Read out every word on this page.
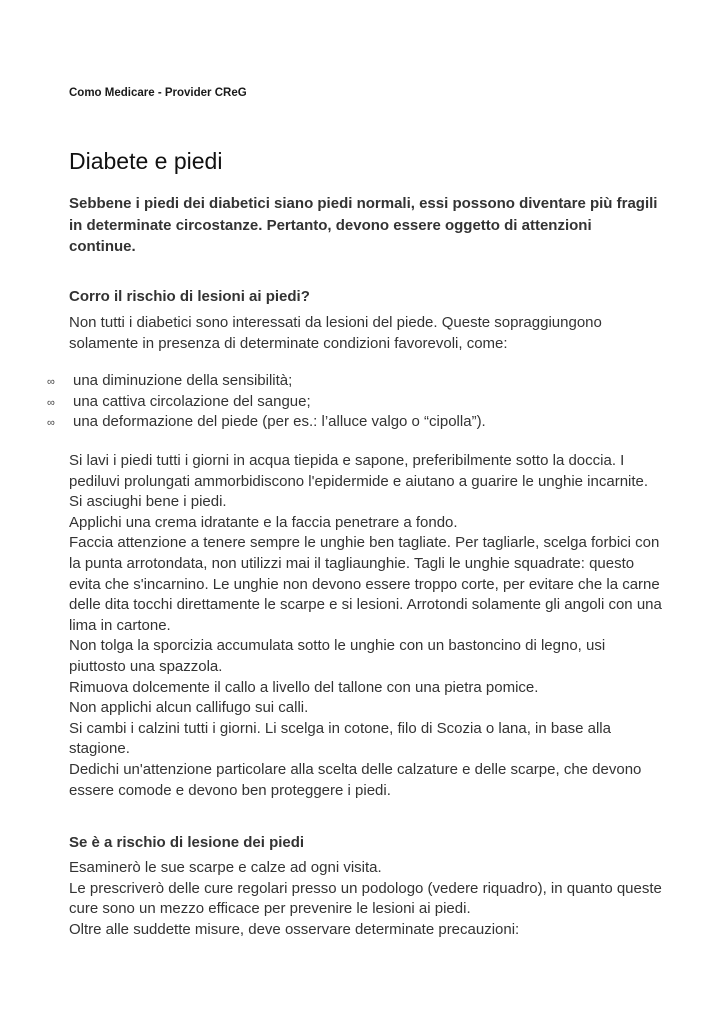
Como Medicare - Provider CReG
Diabete e piedi

Sebbene i piedi dei diabetici siano piedi normali, essi possono diventare più fragili in determinate circostanze. Pertanto, devono essere oggetto di attenzioni continue.

Corro il rischio di lesioni ai piedi?

Non tutti i diabetici sono interessati da lesioni del piede. Queste sopraggiungono solamente in presenza di determinate condizioni favorevoli, come:

∞ una diminuzione della sensibilità;
∞ una cattiva circolazione del sangue;
∞ una deformazione del piede (per es.: l’alluce valgo o “cipolla”).
Si lavi i piedi tutti i giorni in acqua tiepida e sapone, preferibilmente sotto la doccia. I pediluvi prolungati ammorbidiscono l'epidermide e aiutano a guarire le unghie incarnite.
Si asciughi bene i piedi.
Applichi una crema idratante e la faccia penetrare a fondo.
Faccia attenzione a tenere sempre le unghie ben tagliate. Per tagliarle, scelga forbici con la punta arrotondata, non utilizzi mai il tagliaunghie. Tagli le unghie squadrate: questo evita che s'incarnino. Le unghie non devono essere troppo corte, per evitare che la carne delle dita tocchi direttamente le scarpe e si lesioni. Arrotondi solamente gli angoli con una lima in cartone.
Non tolga la sporcizia accumulata sotto le unghie con un bastoncino di legno, usi piuttosto una spazzola.
Rimuova dolcemente il callo a livello del tallone con una pietra pomice.
Non applichi alcun callifugo sui calli.
Si cambi i calzini tutti i giorni. Li scelga in cotone, filo di Scozia o lana, in base alla stagione.
Dedichi un'attenzione particolare alla scelta delle calzature e delle scarpe, che devono essere comode e devono ben proteggere i piedi.
Se è a rischio di lesione dei piedi
Esaminerò le sue scarpe e calze ad ogni visita.
Le prescriverò delle cure regolari presso un podologo (vedere riquadro), in quanto queste cure sono un mezzo efficace per prevenire le lesioni ai piedi.
Oltre alle suddette misure, deve osservare determinate precauzioni:
